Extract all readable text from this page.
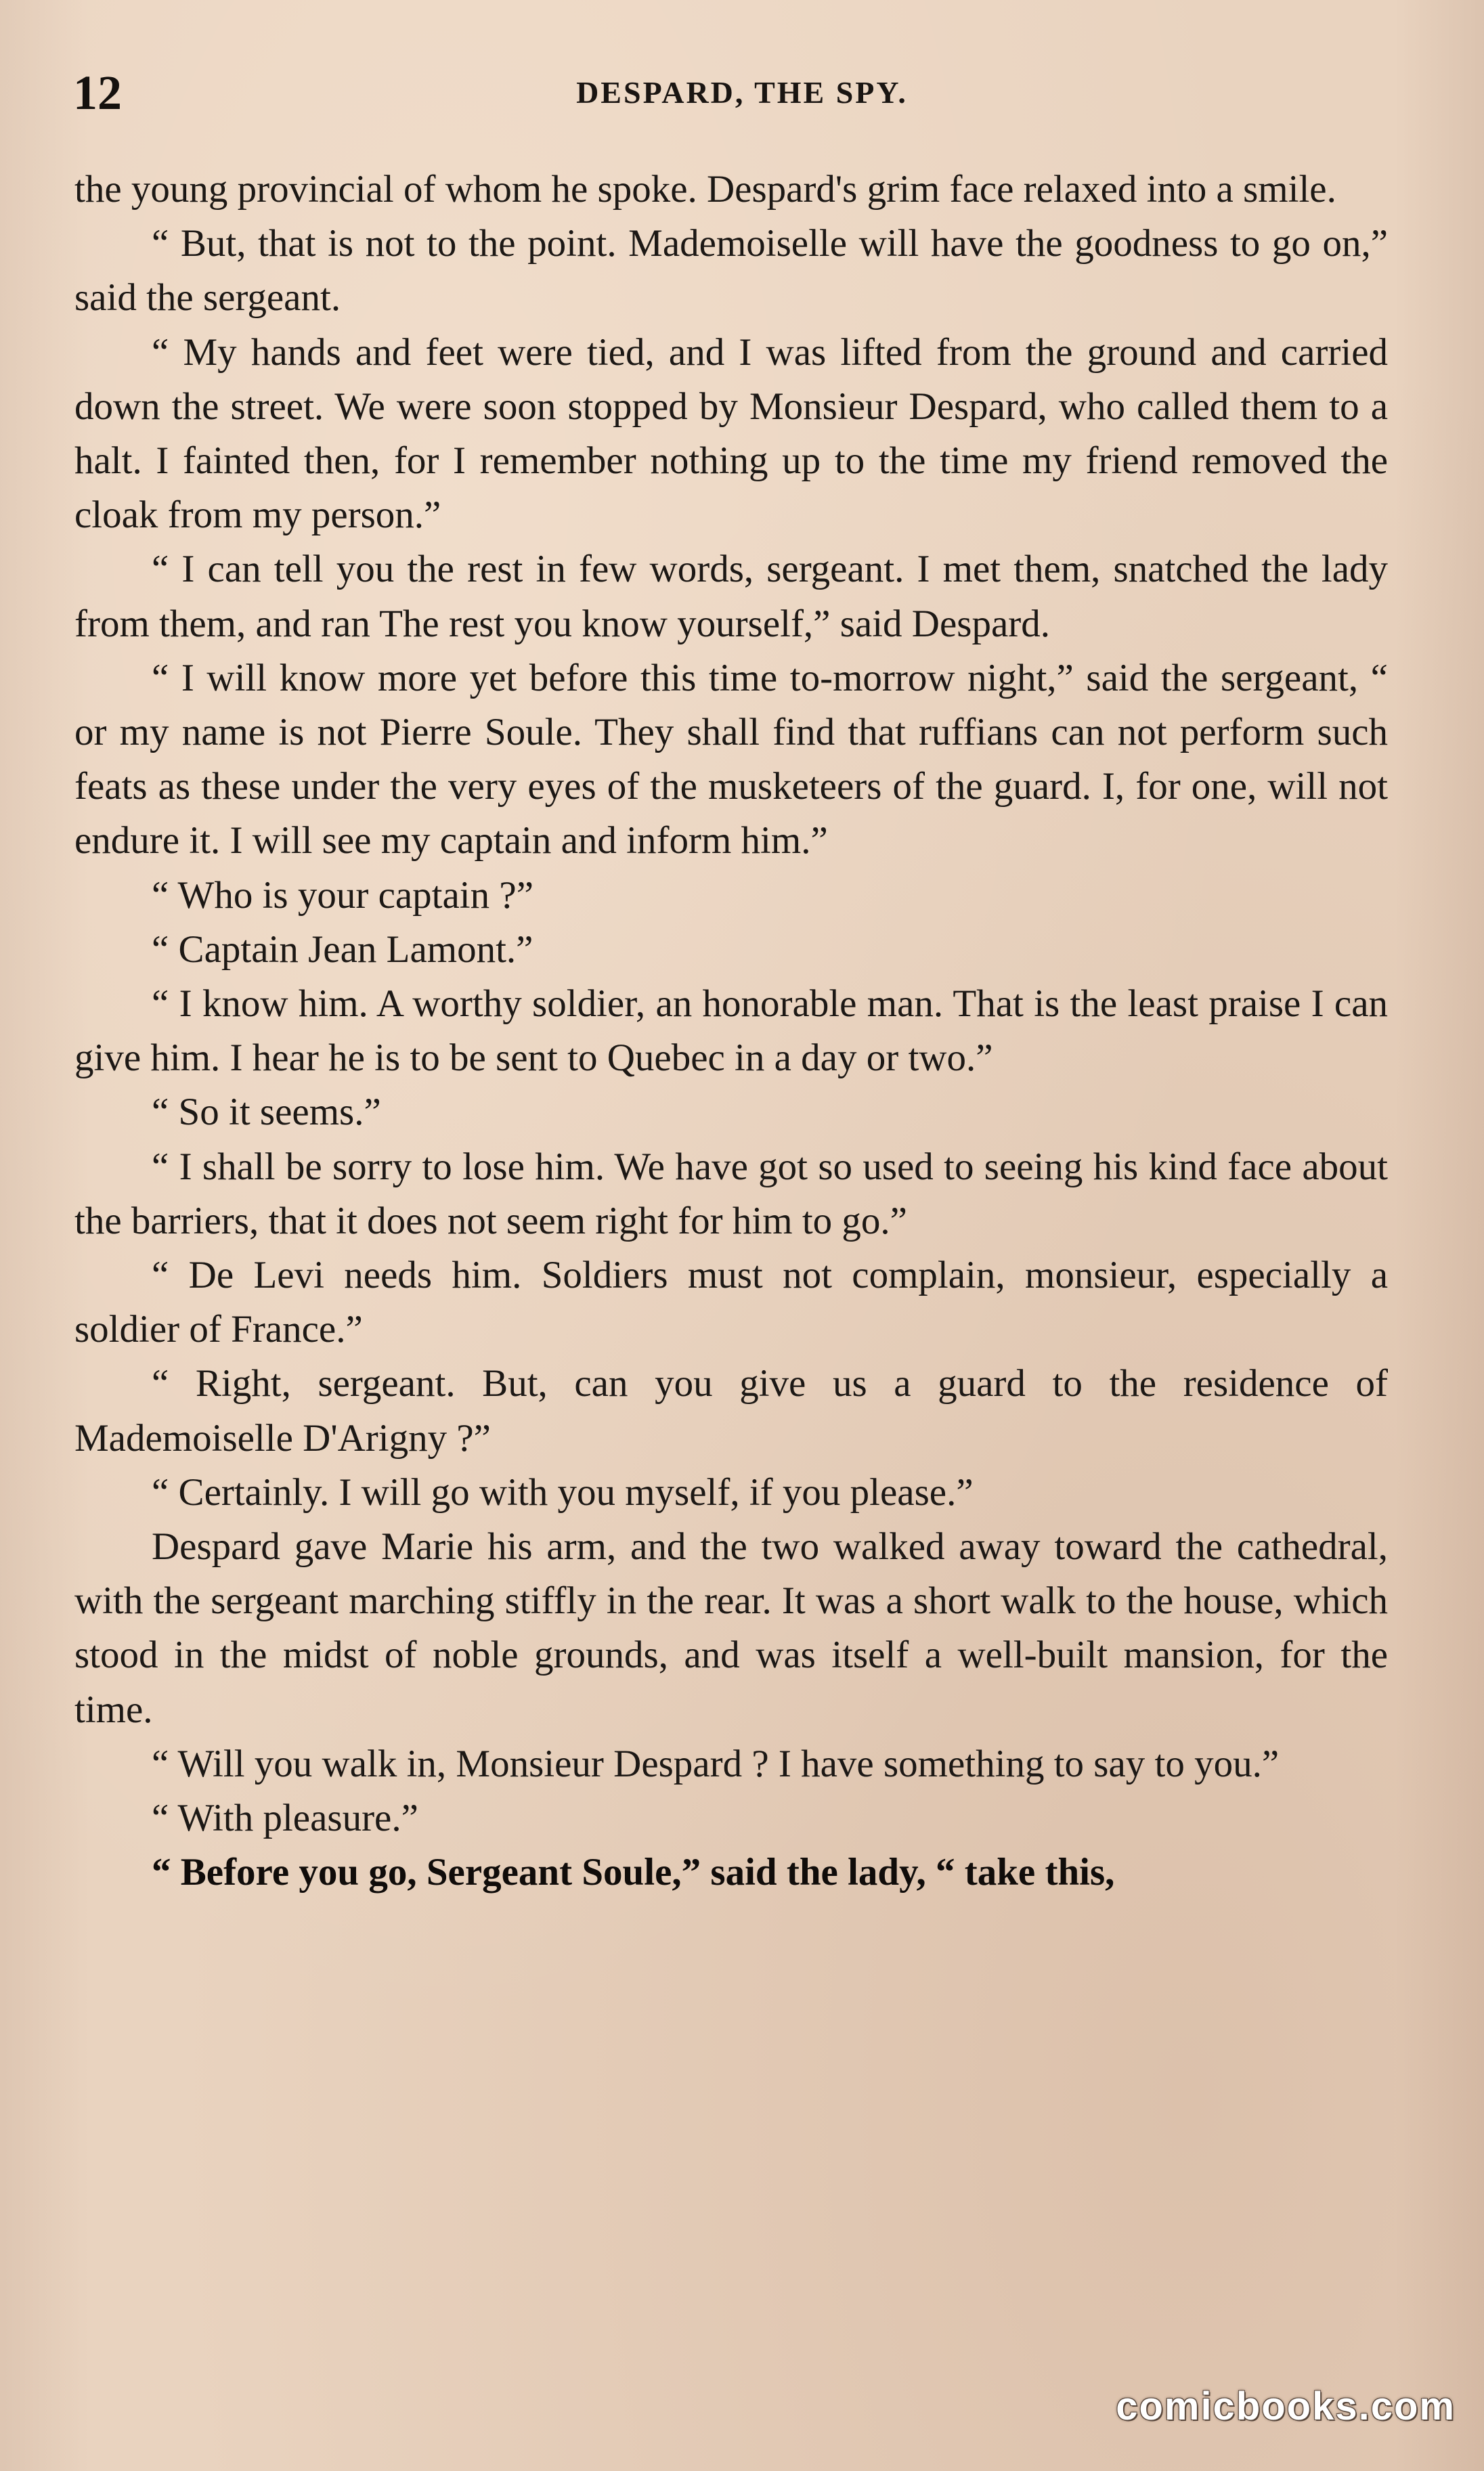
12	DESPARD, THE SPY.

the young provincial of whom he spoke. Despard's grim face relaxed into a smile.

“ But, that is not to the point. Mademoiselle will have the goodness to go on,” said the sergeant.

“ My hands and feet were tied, and I was lifted from the ground and carried down the street. We were soon stopped by Monsieur Despard, who called them to a halt. I fainted then, for I remember nothing up to the time my friend removed the cloak from my person.”

“ I can tell you the rest in few words, sergeant. I met them, snatched the lady from them, and ran The rest you know yourself,” said Despard.

“ I will know more yet before this time to-morrow night,” said the sergeant, “ or my name is not Pierre Soule. They shall find that ruffians can not perform such feats as these under the very eyes of the musketeers of the guard. I, for one, will not endure it. I will see my captain and inform him.”

“ Who is your captain ?”

“ Captain Jean Lamont.”

“ I know him. A worthy soldier, an honorable man. That is the least praise I can give him. I hear he is to be sent to Quebec in a day or two.”

“ So it seems.”

“ I shall be sorry to lose him. We have got so used to seeing his kind face about the barriers, that it does not seem right for him to go.”

“ De Levi needs him. Soldiers must not complain, monsieur, especially a soldier of France.”

“ Right, sergeant. But, can you give us a guard to the residence of Mademoiselle D'Arigny ?”

“ Certainly. I will go with you myself, if you please.”

Despard gave Marie his arm, and the two walked away toward the cathedral, with the sergeant marching stiffly in the rear. It was a short walk to the house, which stood in the midst of noble grounds, and was itself a well-built mansion, for the time.

“ Will you walk in, Monsieur Despard ? I have something to say to you.”

“ With pleasure.”

“ Before you go, Sergeant Soule,” said the lady, “ take this,

comicbooks.com
